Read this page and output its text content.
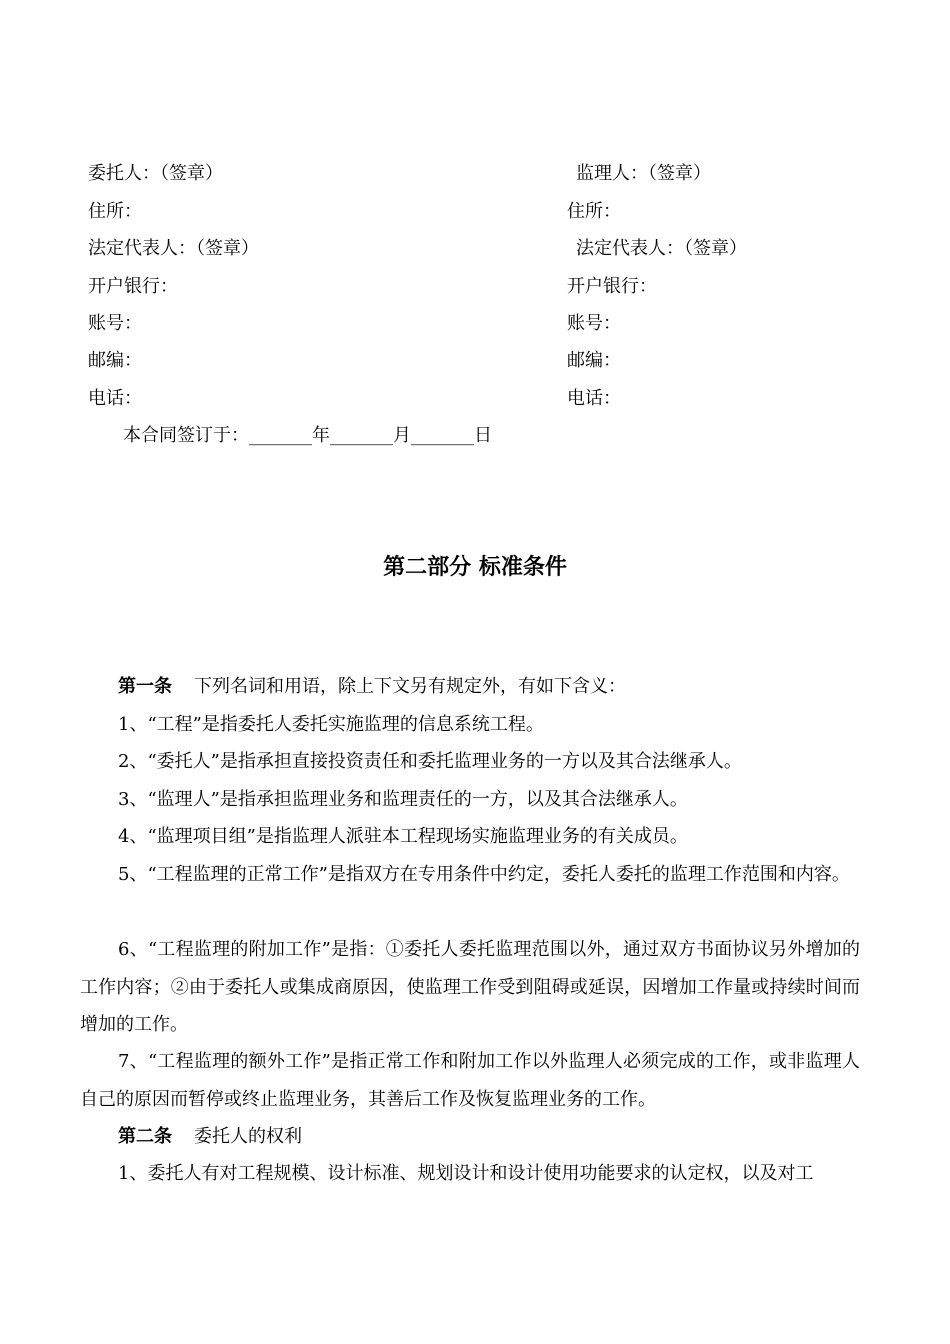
委托人：（签章）
住所：
法定代表人：（签章）
开户银行：
账号：
邮编：
电话：
监理人：（签章）
住所：
法定代表人：（签章）
开户银行：
账号：
邮编：
电话：
本合同签订于：_______年_______月_______日
第二部分 标准条件
第一条 下列名词和用语，除上下文另有规定外，有如下含义：
1、“工程”是指委托人委托实施监理的信息系统工程。
2、“委托人”是指承担直接投资责任和委托监理业务的一方以及其合法继承人。
3、“监理人”是指承担监理业务和监理责任的一方，以及其合法继承人。
4、“监理项目组”是指监理人派驻本工程现场实施监理业务的有关成员。
5、“工程监理的正常工作”是指双方在专用条件中约定，委托人委托的监理工作范围和内容。
6、“工程监理的附加工作”是指：①委托人委托监理范围以外，通过双方书面协议另外增加的工作内容；②由于委托人或集成商原因，使监理工作受到阻碍或延误，因增加工作量或持续时间而增加的工作。
7、“工程监理的额外工作”是指正常工作和附加工作以外监理人必须完成的工作，或非监理人自己的原因而暂停或终止监理业务，其善后工作及恢复监理业务的工作。
第二条 委托人的权利
1、委托人有对工程规模、设计标准、规划设计和设计使用功能要求的认定权，以及对工
